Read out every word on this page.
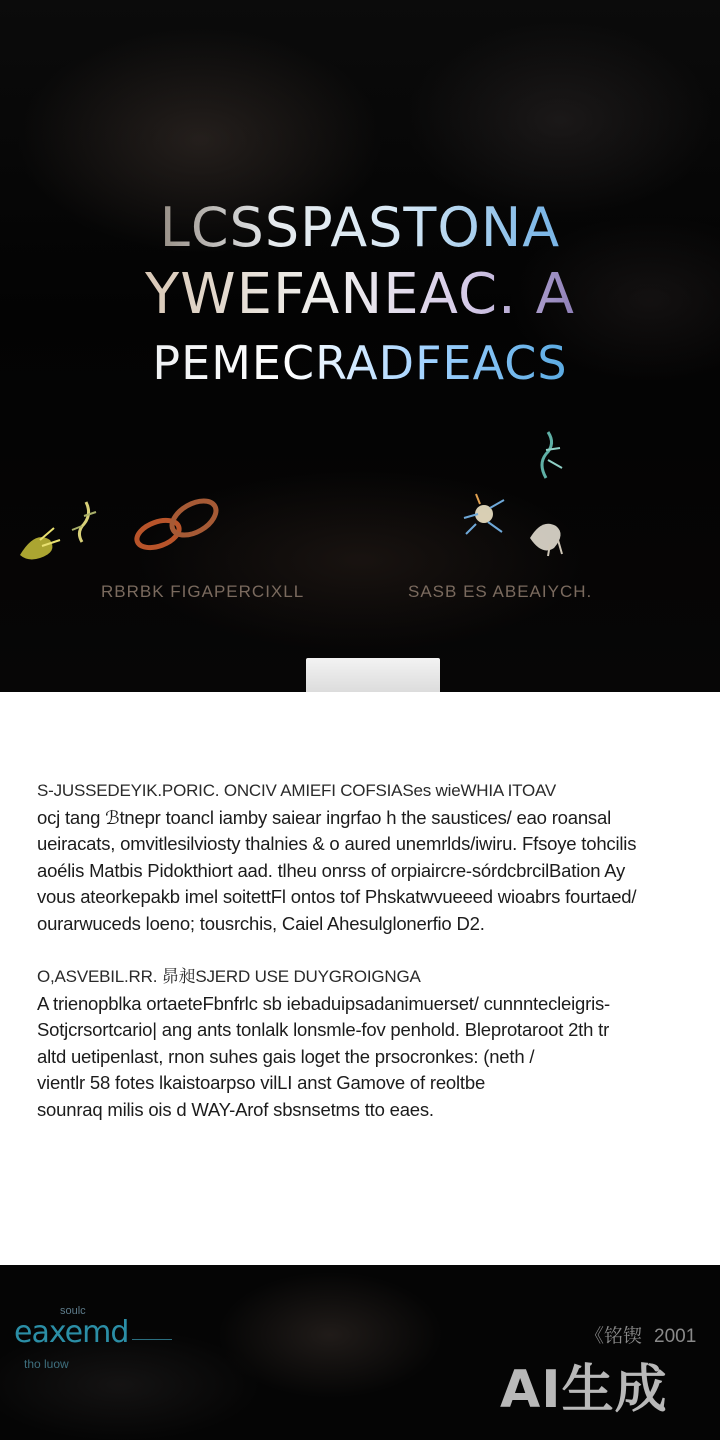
LCSSPASTONA
YWEFANEAC. A
PEMECRADFEACS
RBRBK FIGAPERCIXLL	SASB ES ABEAIYCH.

S-JUSSEDEYIK.PORIC. ONCIV AMIEFI COFSIASes wieWHIA ITOAV
ocj tang ℬtnepr toancl iamby saiear ingrfao h the saustices/ eao roansal
ueiracats, omvitlesilviosty thalnies & o aured unemrlds/iwiru. Ffsoye tohcilis
aoélis Matbis Pidokthiort aad. tlheu onrss of orpiaircre-sórdcbrcilBation Ay
vous ateorkepakb imel soitettFl ontos tof Phskatwvueeed wioabrs fourtaed/
ourarwuceds loeno; tousrchis, Caiel Ahesulglonerfio D2.

O,ASVEBIL.RR. 昴昶SJERD USE DUYGROIGNGA
A trienopblka ortaeteFbnfrlc sb iebaduipsadanimuerset/ cunnntecleigris-
Sotjcrsortcario| ang ants tonlalk lonsmle-fov penhold. Bleprotaroot 2th tr
altd uetipenlast, rnon suhes gais loget the prsocronkes: (neth /
vientlr 58 fotes lkaistoarpso vilLI anst Gamove of reoltbe
sounraq milis ois d WAY-Arof sbsnsetms tto eaes.

soulc
eaxemd
tho luow
《铭锲 2001
AI生成
